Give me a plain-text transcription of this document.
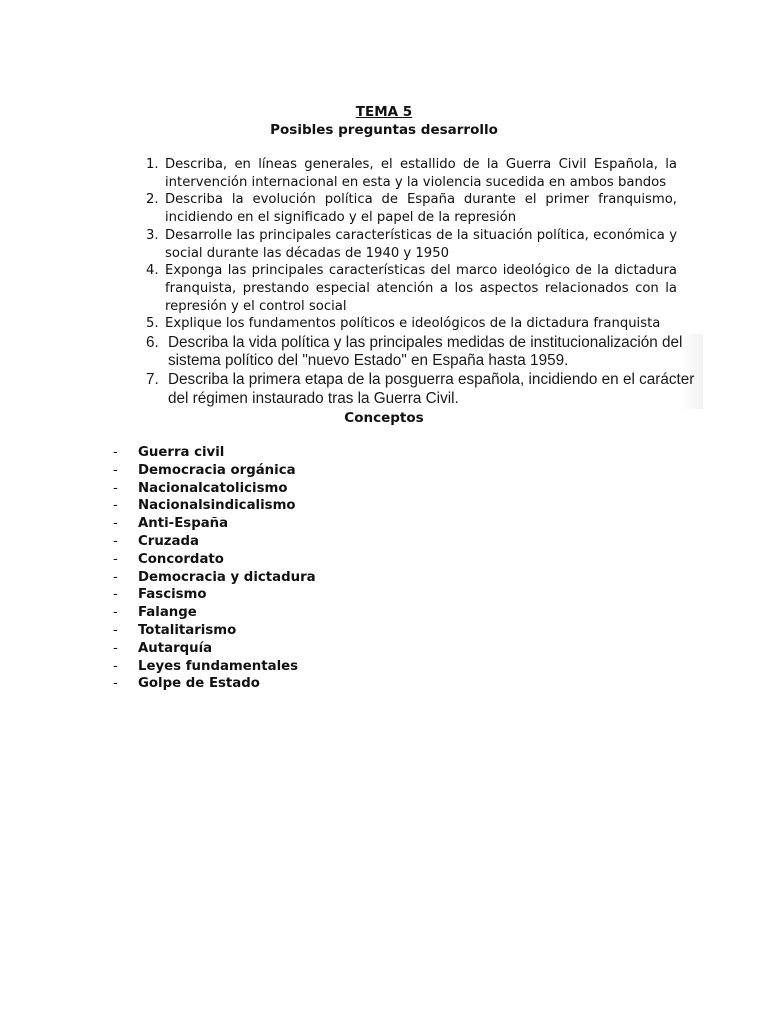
TEMA 5
Posibles preguntas desarrollo
1. Describa, en líneas generales, el estallido de la Guerra Civil Española, la intervención internacional en esta y la violencia sucedida en ambos bandos
2. Describa la evolución política de España durante el primer franquismo, incidiendo en el significado y el papel de la represión
3. Desarrolle las principales características de la situación política, económica y social durante las décadas de 1940 y 1950
4. Exponga las principales características del marco ideológico de la dictadura franquista, prestando especial atención a los aspectos relacionados con la represión y el control social
5. Explique los fundamentos políticos e ideológicos de la dictadura franquista
6. Describa la vida política y las principales medidas de institucionalización del
sistema político del "nuevo Estado" en España hasta 1959.
7. Describa la primera etapa de la posguerra española, incidiendo en el carácter
del régimen instaurado tras la Guerra Civil.
Conceptos
- Guerra civil
- Democracia orgánica
- Nacionalcatolicismo
- Nacionalsindicalismo
- Anti-España
- Cruzada
- Concordato
- Democracia y dictadura
- Fascismo
- Falange
- Totalitarismo
- Autarquía
- Leyes fundamentales
- Golpe de Estado
